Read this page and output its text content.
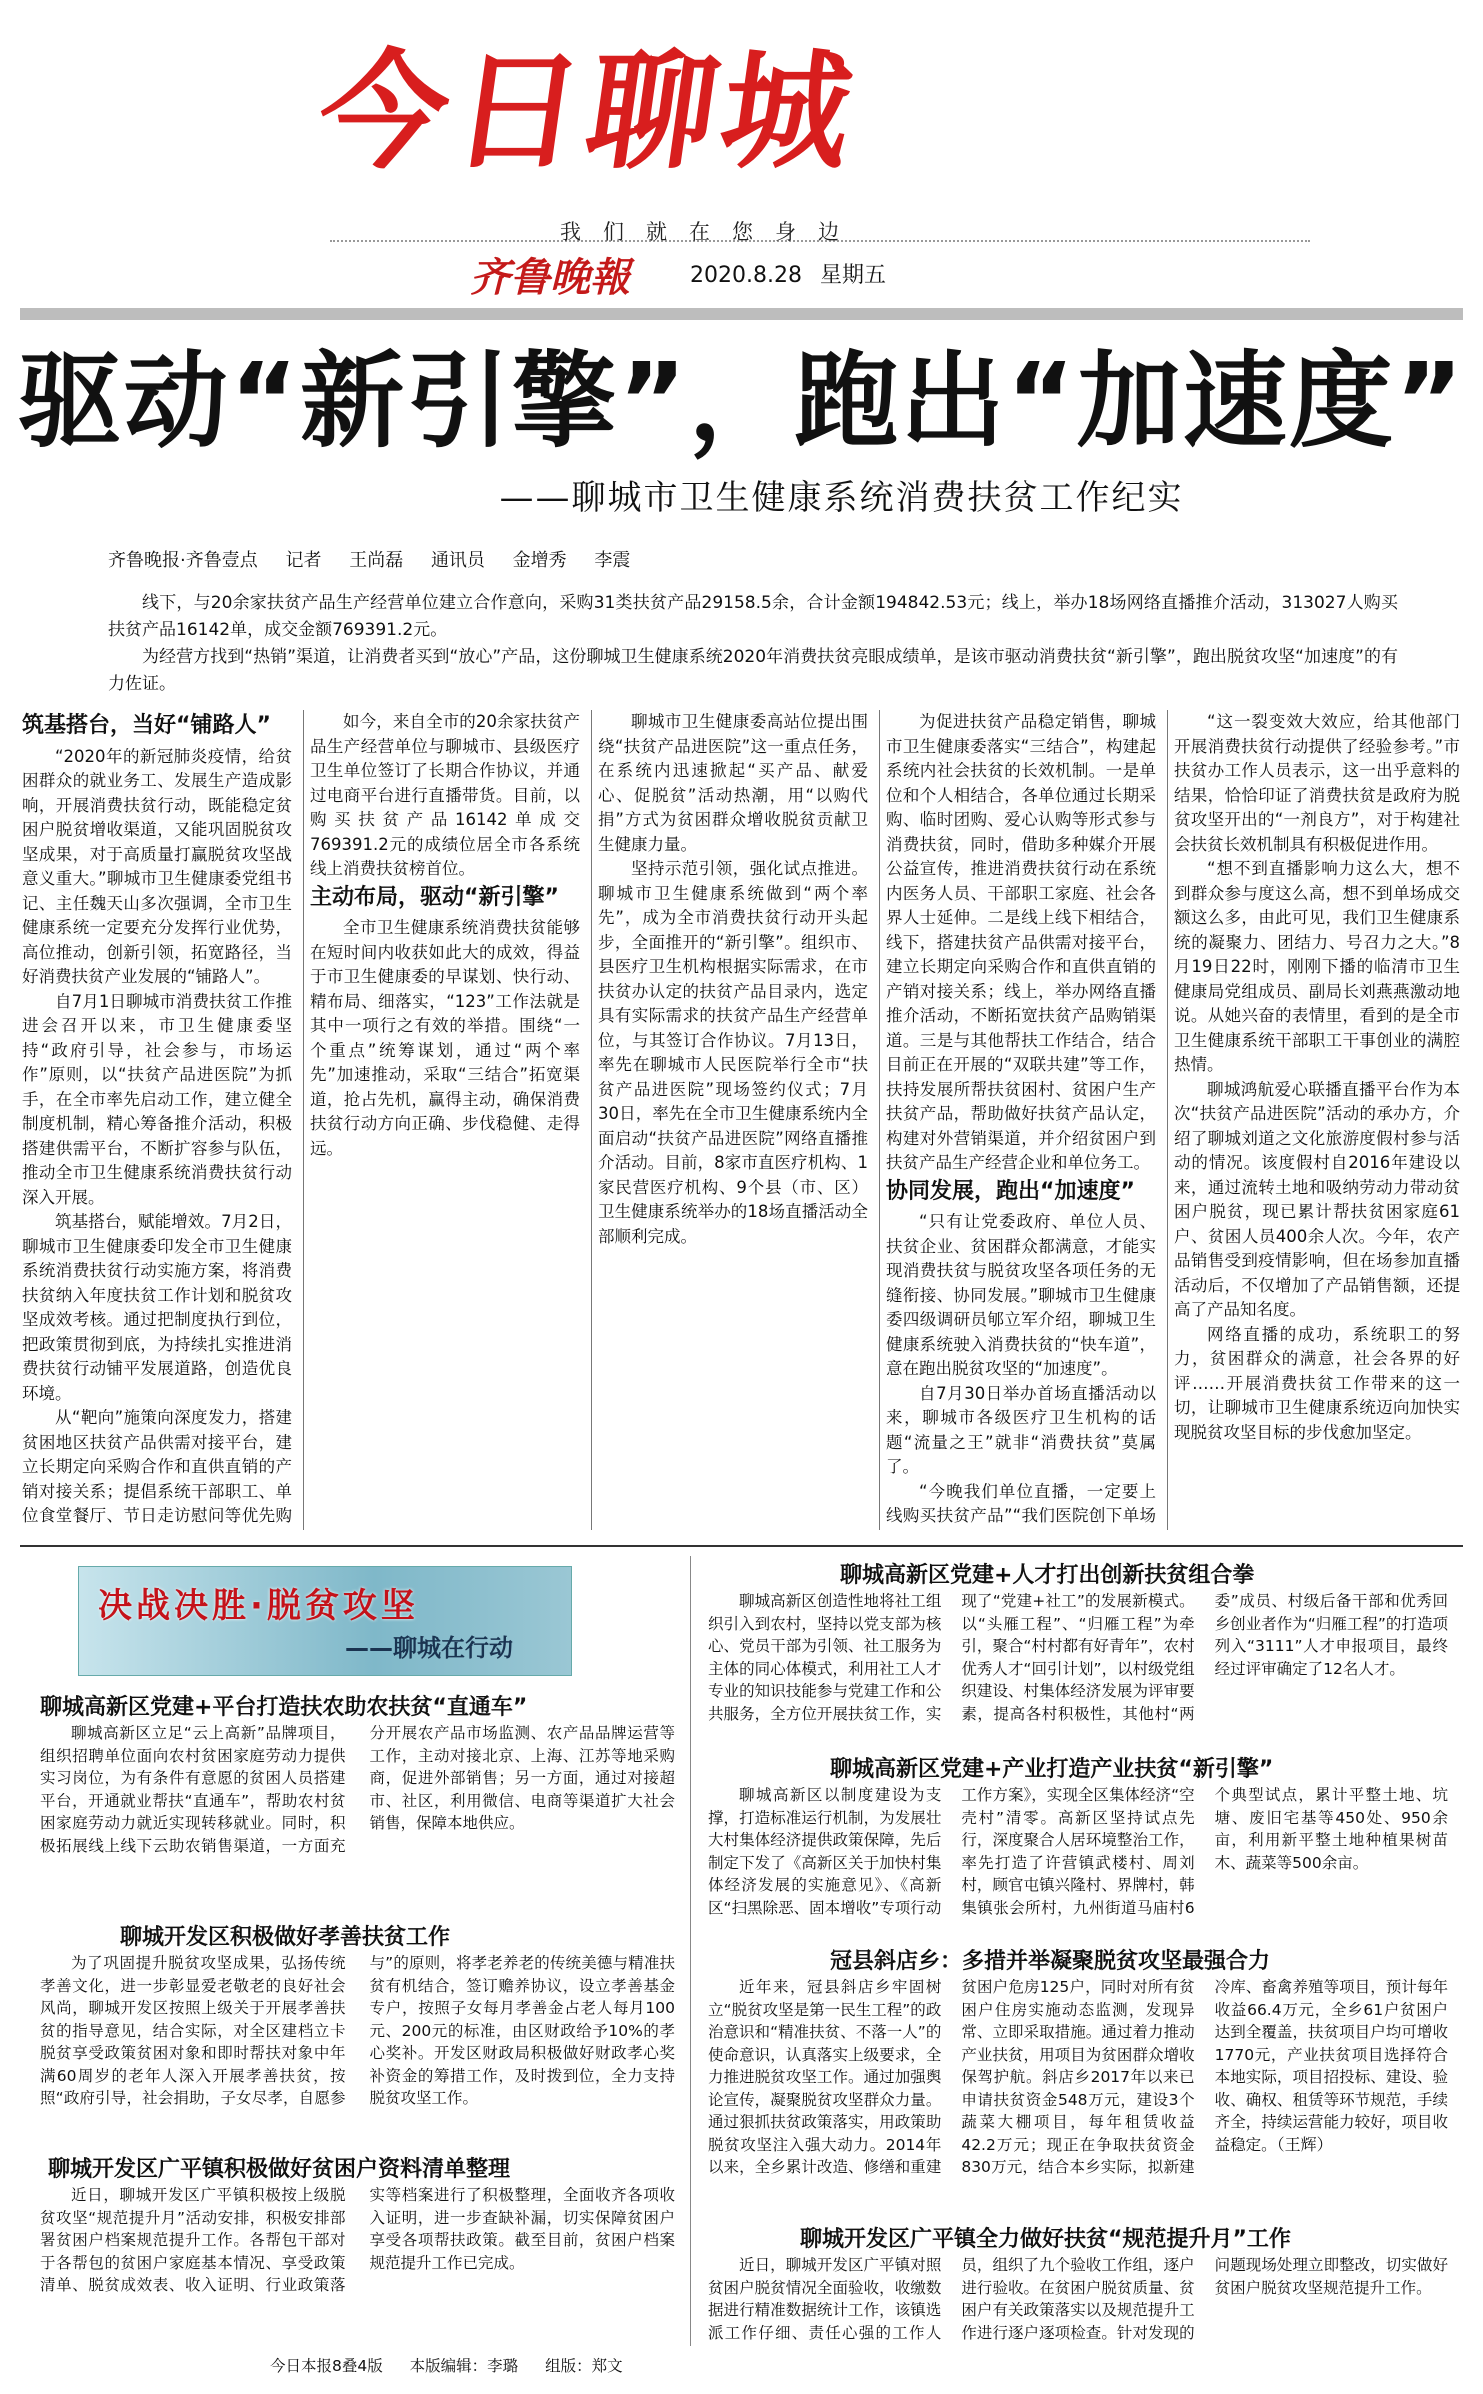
今日聊城
我们就在您身边
齐鲁晚報	2020.8.28 星期五
驱动“新引擎”，跑出“加速度”
——聊城市卫生健康系统消费扶贫工作纪实
齐鲁晚报·齐鲁壹点 记者 王尚磊 通讯员 金增秀 李震

线下，与20余家扶贫产品生产经营单位建立合作意向，采购31类扶贫产品29158.5余，合计金额194842.53元；线上，举办18场网络直播推介活动，313027人购买扶贫产品16142单，成交金额769391.2元。

为经营方找到“热销”渠道，让消费者买到“放心”产品，这份聊城卫生健康系统2020年消费扶贫亮眼成绩单，是该市驱动消费扶贫“新引擎”，跑出脱贫攻坚“加速度”的有力佐证。

筑基搭台，当好“铺路人”

“2020年的新冠肺炎疫情，给贫困群众的就业务工、发展生产造成影响，开展消费扶贫行动，既能稳定贫困户脱贫增收渠道，又能巩固脱贫攻坚成果，对于高质量打赢脱贫攻坚战意义重大。”聊城市卫生健康委党组书记、主任魏天山多次强调，全市卫生健康系统一定要充分发挥行业优势，高位推动，创新引领，拓宽路径，当好消费扶贫产业发展的“铺路人”。

自7月1日聊城市消费扶贫工作推进会召开以来，市卫生健康委坚持“政府引导，社会参与，市场运作”原则，以“扶贫产品进医院”为抓手，在全市率先启动工作，建立健全制度机制，精心筹备推介活动，积极搭建供需平台，不断扩容参与队伍，推动全市卫生健康系统消费扶贫行动深入开展。

筑基搭台，赋能增效。7月2日，聊城市卫生健康委印发全市卫生健康系统消费扶贫行动实施方案，将消费扶贫纳入年度扶贫工作计划和脱贫攻坚成效考核。通过把制度执行到位，把政策贯彻到底，为持续扎实推进消费扶贫行动铺平发展道路，创造优良环境。

从“靶向”施策向深度发力，搭建贫困地区扶贫产品供需对接平台，建立长期定向采购合作和直供直销的产销对接关系；提倡系统干部职工、单位食堂餐厅、节日走访慰问等优先购

如今，来自全市的20余家扶贫产品生产经营单位与聊城市、县级医疗卫生单位签订了长期合作协议，并通过电商平台进行直播带货。目前，以购买扶贫产品16142单成交769391.2元的成绩位居全市各系统线上消费扶贫榜首位。

主动布局，驱动“新引擎”

全市卫生健康系统消费扶贫能够在短时间内收获如此大的成效，得益于市卫生健康委的早谋划、快行动、精布局、细落实，“123”工作法就是其中一项行之有效的举措。围绕“一个重点”统筹谋划，通过“两个率先”加速推动，采取“三结合”拓宽渠道，抢占先机，赢得主动，确保消费扶贫行动方向正确、步伐稳健、走得远。

聊城市卫生健康委高站位提出围绕“扶贫产品进医院”这一重点任务，在系统内迅速掀起“买产品、献爱心、促脱贫”活动热潮，用“以购代捐”方式为贫困群众增收脱贫贡献卫生健康力量。

坚持示范引领，强化试点推进。聊城市卫生健康系统做到“两个率先”，成为全市消费扶贫行动开头起步，全面推开的“新引擎”。组织市、县医疗卫生机构根据实际需求，在市扶贫办认定的扶贫产品目录内，选定具有实际需求的扶贫产品生产经营单位，与其签订合作协议。7月13日，率先在聊城市人民医院举行全市“扶贫产品进医院”现场签约仪式；7月30日，率先在全市卫生健康系统内全面启动“扶贫产品进医院”网络直播推介活动。目前，8家市直医疗机构、1家民营医疗机构、9个县（市、区）卫生健康系统举办的18场直播活动全部顺利完成。

为促进扶贫产品稳定销售，聊城市卫生健康委落实“三结合”，构建起系统内社会扶贫的长效机制。一是单位和个人相结合，各单位通过长期采购、临时团购、爱心认购等形式参与消费扶贫，同时，借助多种媒介开展公益宣传，推进消费扶贫行动在系统内医务人员、干部职工家庭、社会各界人士延伸。二是线上线下相结合，线下，搭建扶贫产品供需对接平台，建立长期定向采购合作和直供直销的产销对接关系；线上，举办网络直播推介活动，不断拓宽扶贫产品购销渠道。三是与其他帮扶工作结合，结合目前正在开展的“双联共建”等工作，扶持发展所帮扶贫困村、贫困户生产扶贫产品，帮助做好扶贫产品认定，构建对外营销渠道，并介绍贫困户到扶贫产品生产经营企业和单位务工。

协同发展，跑出“加速度”

“只有让党委政府、单位人员、扶贫企业、贫困群众都满意，才能实现消费扶贫与脱贫攻坚各项任务的无缝衔接、协同发展。”聊城市卫生健康委四级调研员郇立军介绍，聊城卫生健康系统驶入消费扶贫的“快车道”，意在跑出脱贫攻坚的“加速度”。

自7月30日举办首场直播活动以来，聊城市各级医疗卫生机构的话题“流量之王”就非“消费扶贫”莫属了。

“今晚我们单位直播，一定要上线购买扶贫产品”“我们医院创下单场

“这一裂变效大效应，给其他部门开展消费扶贫行动提供了经验参考。”市扶贫办工作人员表示，这一出乎意料的结果，恰恰印证了消费扶贫是政府为脱贫攻坚开出的“一剂良方”，对于构建社会扶贫长效机制具有积极促进作用。

“想不到直播影响力这么大，想不到群众参与度这么高，想不到单场成交额这么多，由此可见，我们卫生健康系统的凝聚力、团结力、号召力之大。”8月19日22时，刚刚下播的临清市卫生健康局党组成员、副局长刘燕燕激动地说。从她兴奋的表情里，看到的是全市卫生健康系统干部职工干事创业的满腔热情。

聊城鸿航爱心联播直播平台作为本次“扶贫产品进医院”活动的承办方，介绍了聊城刘道之文化旅游度假村参与活动的情况。该度假村自2016年建设以来，通过流转土地和吸纳劳动力带动贫困户脱贫，现已累计帮扶贫困家庭61户、贫困人员400余人次。今年，农产品销售受到疫情影响，但在场参加直播活动后，不仅增加了产品销售额，还提高了产品知名度。

网络直播的成功，系统职工的努力，贫困群众的满意，社会各界的好评……开展消费扶贫工作带来的这一切，让聊城市卫生健康系统迈向加快实现脱贫攻坚目标的步伐愈加坚定。

决战决胜·脱贫攻坚
——聊城在行动
聊城高新区党建+平台打造扶农助农扶贫“直通车”

聊城高新区立足“云上高新”品牌项目，组织招聘单位面向农村贫困家庭劳动力提供实习岗位，为有条件有意愿的贫困人员搭建平台，开通就业帮扶“直通车”，帮助农村贫困家庭劳动力就近实现转移就业。同时，积极拓展线上线下云助农销售渠道，一方面充分开展农产品市场监测、农产品品牌运营等工作，主动对接北京、上海、江苏等地采购商，促进外部销售；另一方面，通过对接超市、社区，利用微信、电商等渠道扩大社会销售，保障本地供应。

聊城开发区积极做好孝善扶贫工作

为了巩固提升脱贫攻坚成果，弘扬传统孝善文化，进一步彰显爱老敬老的良好社会风尚，聊城开发区按照上级关于开展孝善扶贫的指导意见，结合实际，对全区建档立卡脱贫享受政策贫困对象和即时帮扶对象中年满60周岁的老年人深入开展孝善扶贫，按照“政府引导，社会捐助，子女尽孝，自愿参与”的原则，将孝老养老的传统美德与精准扶贫有机结合，签订赡养协议，设立孝善基金专户，按照子女每月孝善金占老人每月100元、200元的标准，由区财政给予10%的孝心奖补。开发区财政局积极做好财政孝心奖补资金的筹措工作，及时拨到位，全力支持脱贫攻坚工作。

聊城开发区广平镇积极做好贫困户资料清单整理

近日，聊城开发区广平镇积极按上级脱贫攻坚“规范提升月”活动安排，积极安排部署贫困户档案规范提升工作。各帮包干部对于各帮包的贫困户家庭基本情况、享受政策清单、脱贫成效表、收入证明、行业政策落实等档案进行了积极整理，全面收齐各项收入证明，进一步查缺补漏，切实保障贫困户享受各项帮扶政策。截至目前，贫困户档案规范提升工作已完成。

聊城高新区党建+人才打出创新扶贫组合拳

聊城高新区创造性地将社工组织引入到农村，坚持以党支部为核心、党员干部为引领、社工服务为主体的同心体模式，利用社工人才专业的知识技能参与党建工作和公共服务，全方位开展扶贫工作，实现了“党建+社工”的发展新模式。以“头雁工程”、“归雁工程”为牵引，聚合“村村都有好青年”，农村优秀人才“回引计划”，以村级党组织建设、村集体经济发展为评审要素，提高各村积极性，其他村“两委”成员、村级后备干部和优秀回乡创业者作为“归雁工程”的打造项列入“3111”人才申报项目，最终经过评审确定了12名人才。

聊城高新区党建+产业打造产业扶贫“新引擎”

聊城高新区以制度建设为支撑，打造标准运行机制，为发展壮大村集体经济提供政策保障，先后制定下发了《高新区关于加快村集体经济发展的实施意见》、《高新区“扫黑除恶、固本增收”专项行动工作方案》，实现全区集体经济“空壳村”清零。高新区坚持试点先行，深度聚合人居环境整治工作，率先打造了许营镇武楼村、周刘村，顾官屯镇兴隆村、界牌村，韩集镇张会所村，九州街道马庙村6个典型试点，累计平整土地、坑塘、废旧宅基等450处、950余亩，利用新平整土地种植果树苗木、蔬菜等500余亩。

冠县斜店乡：多措并举凝聚脱贫攻坚最强合力

近年来，冠县斜店乡牢固树立“脱贫攻坚是第一民生工程”的政治意识和“精准扶贫、不落一人”的使命意识，认真落实上级要求，全力推进脱贫攻坚工作。通过加强舆论宣传，凝聚脱贫攻坚群众力量。通过狠抓扶贫政策落实，用政策助脱贫攻坚注入强大动力。2014年以来，全乡累计改造、修缮和重建贫困户危房125户，同时对所有贫困户住房实施动态监测，发现异常、立即采取措施。通过着力推动产业扶贫，用项目为贫困群众增收保驾护航。斜店乡2017年以来已申请扶贫资金548万元，建设3个蔬菜大棚项目，每年租赁收益42.2万元；现正在争取扶贫资金830万元，结合本乡实际，拟新建冷库、畜禽养殖等项目，预计每年收益66.4万元，全乡61户贫困户达到全覆盖，扶贫项目户均可增收1770元，产业扶贫项目选择符合本地实际，项目招投标、建设、验收、确权、租赁等环节规范，手续齐全，持续运营能力较好，项目收益稳定。（王辉）

聊城开发区广平镇全力做好扶贫“规范提升月”工作

近日，聊城开发区广平镇对照贫困户脱贫情况全面验收，收缴数据进行精准数据统计工作，该镇选派工作仔细、责任心强的工作人员，组织了九个验收工作组，逐户进行验收。在贫困户脱贫质量、贫困户有关政策落实以及规范提升工作进行逐户逐项检查。针对发现的问题现场处理立即整改，切实做好贫困户脱贫攻坚规范提升工作。

今日本报8叠4版 本版编辑：李璐 组版：郑文
